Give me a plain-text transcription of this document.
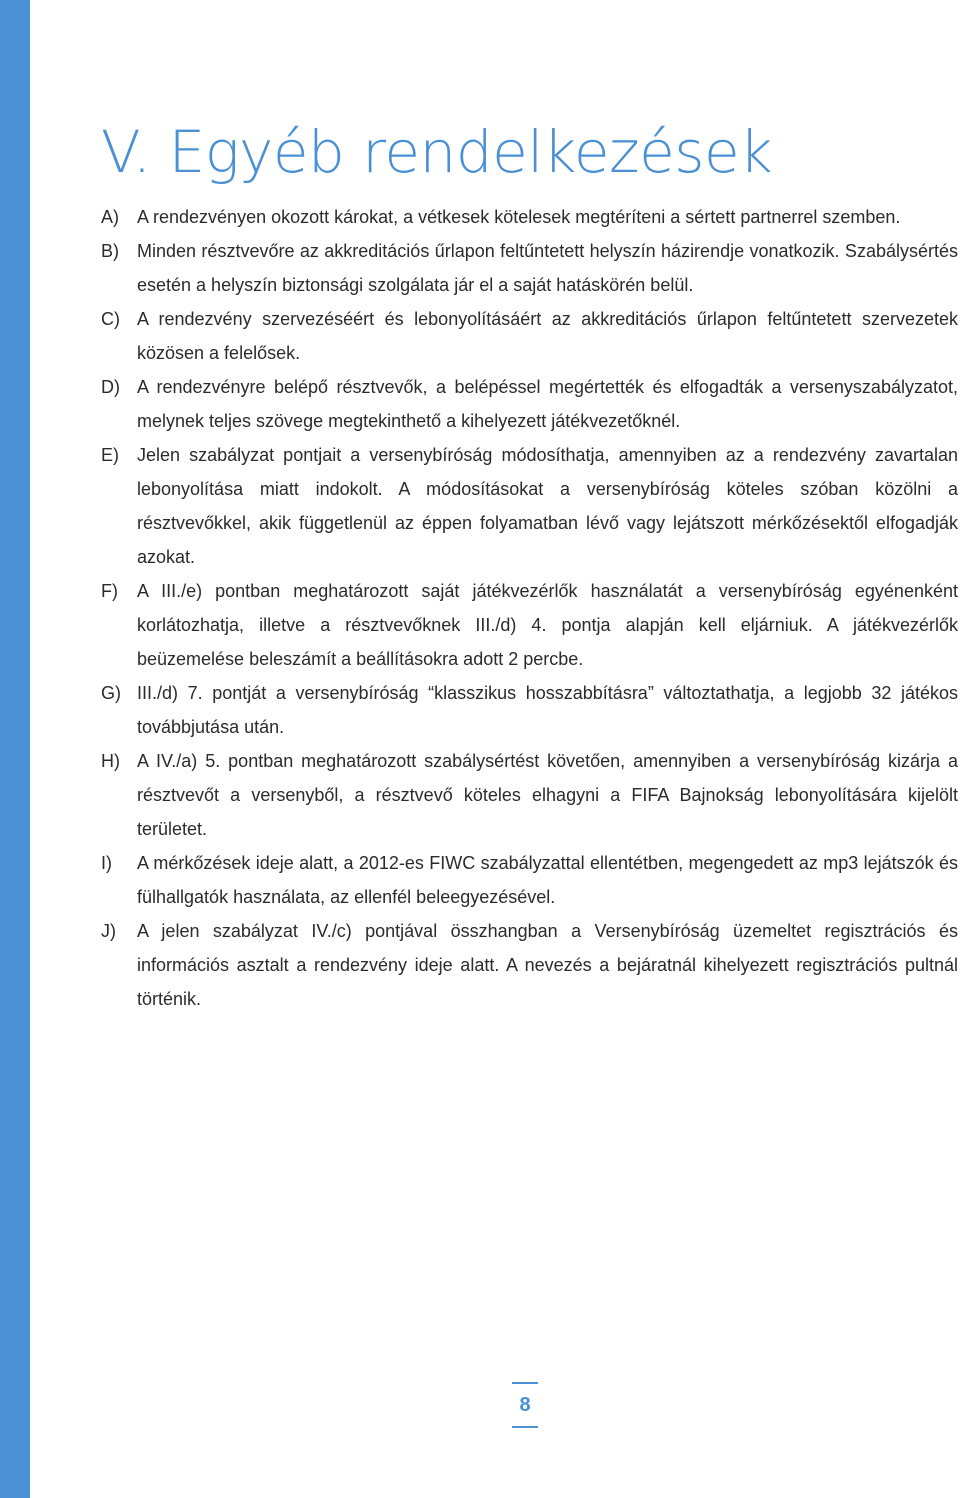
V. Egyéb rendelkezések
A)	A rendezvényen okozott károkat, a vétkesek kötelesek megtéríteni a sértett partnerrel szemben.
B)	Minden résztvevőre az akkreditációs űrlapon feltűntetett helyszín házirendje vonatkozik. Szabálysértés esetén a helyszín biztonsági szolgálata jár el a saját hatáskörén belül.
C) A rendezvény szervezéséért és lebonyolításáért az akkreditációs űrlapon feltűntetett szervezetek közösen a felelősek.
D) A rendezvényre belépő résztvevők, a belépéssel megértették és elfogadták a versenyszabályzatot, melynek teljes szövege megtekinthető a kihelyezett játékvezetőknél.
E)	Jelen szabályzat pontjait a versenybíróság módosíthatja, amennyiben az a rendezvény zavartalan lebonyolítása miatt indokolt. A módosításokat a versenybíróság köteles szóban közölni a résztvevőkkel, akik függetlenül az éppen folyamatban lévő vagy lejátszott mérkőzésektől elfogadják azokat.
F)	A III./e) pontban meghatározott saját játékvezérlők használatát a versenybíróság egyénenként korlátozhatja, illetve a résztvevőknek III./d) 4. pontja alapján kell eljárniuk. A játékvezérlők beüzemelése beleszámít a beállításokra adott 2 percbe.
G) III./d) 7. pontját a versenybíróság “klasszikus hosszabbításra” változtathatja, a legjobb 32 játékos továbbjutása után.
H) A IV./a) 5. pontban meghatározott szabálysértést követően, amennyiben a versenybíróság kizárja a résztvevőt a versenyből, a résztvevő köteles elhagyni a FIFA Bajnokság lebonyolítására kijelölt területet.
I)	A mérkőzések ideje alatt, a 2012-es FIWC szabályzattal ellentétben, megengedett az mp3 lejátszók és fülhallgatók használata, az ellenfél beleegyezésével.
J)	A jelen szabályzat IV./c) pontjával összhangban a Versenybíróság üzemeltet regisztrációs és információs asztalt a rendezvény ideje alatt. A nevezés a bejáratnál kihelyezett regisztrációs pultnál történik.
8
